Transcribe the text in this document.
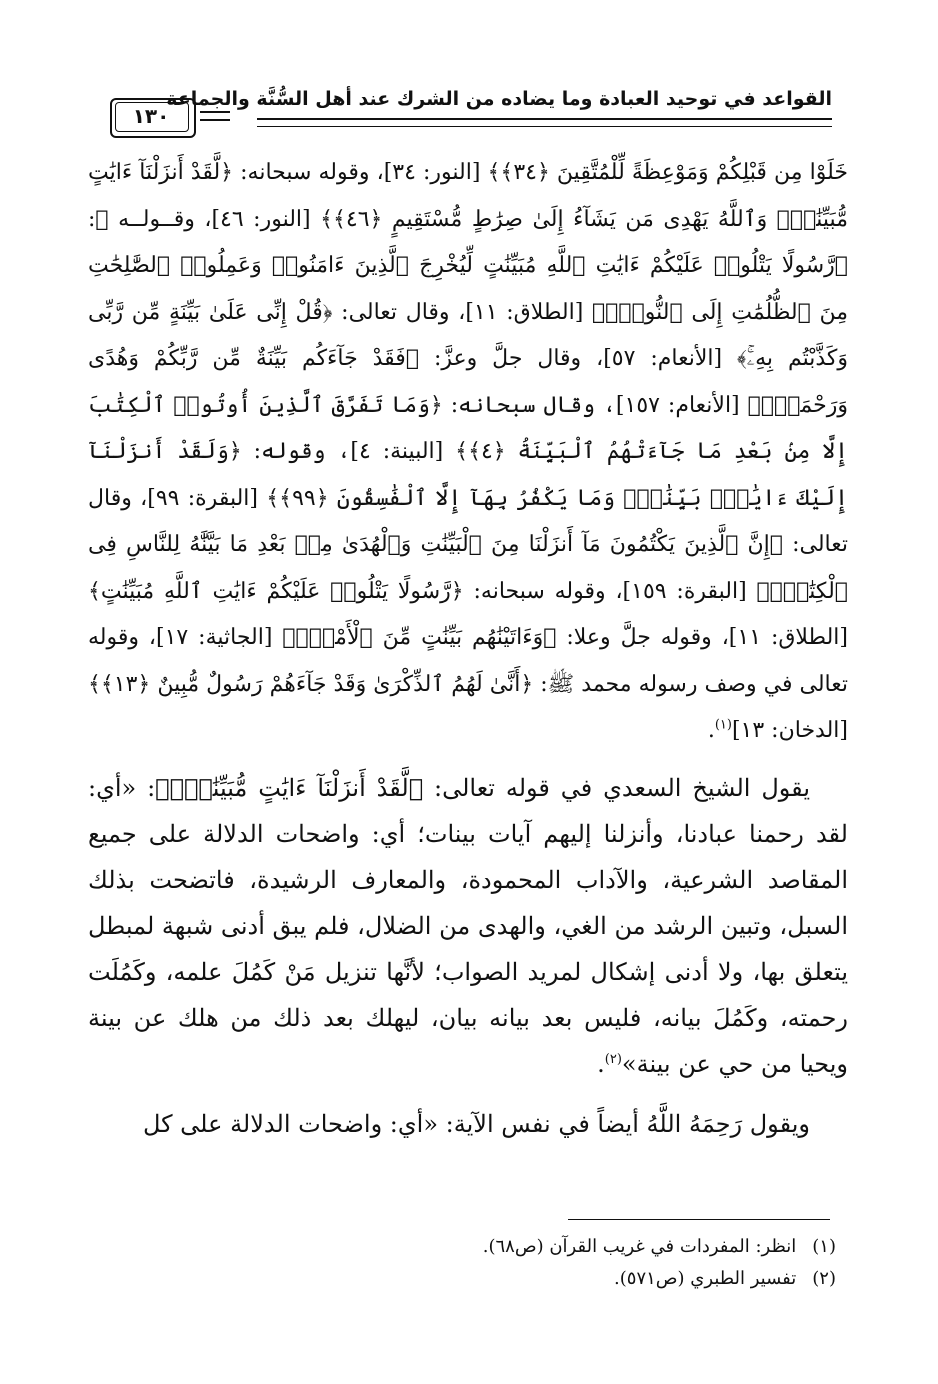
القواعد في توحيد العبادة وما يضاده من الشرك عند أهل السُّنَّة والجماعة
١٣٠

خَلَوْا مِن قَبْلِكُمْ وَمَوْعِظَةً لِّلْمُتَّقِينَ ﴿٣٤﴾﴾ [النور: ٣٤]، وقوله سبحانه: ﴿لَّقَدْ أَنزَلْنَآ ءَايَٰتٍ مُّبَيِّنَٰتٍۚ وَٱللَّهُ يَهْدِى مَن يَشَآءُ إِلَىٰ صِرَٰطٍ مُّسْتَقِيمٍ ﴿٤٦﴾﴾ [النور: ٤٦]، وقــولــه ﷻ: ﴿رَّسُولًا يَتْلُوا۟ عَلَيْكُمْ ءَايَٰتِ ٱللَّهِ مُبَيِّنَٰتٍ لِّيُخْرِجَ ٱلَّذِينَ ءَامَنُوا۟ وَعَمِلُوا۟ ٱلصَّٰلِحَٰتِ مِنَ ٱلظُّلُمَٰتِ إِلَى ٱلنُّورِۚ﴾ [الطلاق: ١١]، وقال تعالى: ﴿قُلْ إِنِّى عَلَىٰ بَيِّنَةٍ مِّن رَّبِّى وَكَذَّبْتُم بِهِۦۚ﴾ [الأنعام: ٥٧]، وقال جلَّ وعزَّ: ﴿فَقَدْ جَآءَكُم بَيِّنَةٌ مِّن رَّبِّكُمْ وَهُدًى وَرَحْمَةٌۚ﴾ [الأنعام: ١٥٧]، وقال سبحانه: ﴿وَمَا تَفَرَّقَ ٱلَّذِينَ أُوتُوا۟ ٱلْكِتَٰبَ إِلَّا مِنۢ بَعْدِ مَا جَآءَتْهُمُ ٱلْبَيِّنَةُ ﴿٤﴾﴾ [البينة: ٤]، وقوله: ﴿وَلَقَدْ أَنزَلْنَآ إِلَيْكَ ءَايَٰتٍۭ بَيِّنَٰتٍۖ وَمَا يَكْفُرُ بِهَآ إِلَّا ٱلْفَٰسِقُونَ ﴿٩٩﴾﴾ [البقرة: ٩٩]، وقال تعالى: ﴿إِنَّ ٱلَّذِينَ يَكْتُمُونَ مَآ أَنزَلْنَا مِنَ ٱلْبَيِّنَٰتِ وَٱلْهُدَىٰ مِنۢ بَعْدِ مَا بَيَّنَّٰهُ لِلنَّاسِ فِى ٱلْكِتَٰبِۙ﴾ [البقرة: ١٥٩]، وقوله سبحانه: ﴿رَّسُولًا يَتْلُوا۟ عَلَيْكُمْ ءَايَٰتِ ٱللَّهِ مُبَيِّنَٰتٍ﴾ [الطلاق: ١١]، وقوله جلَّ وعلا: ﴿وَءَاتَيْنَٰهُم بَيِّنَٰتٍ مِّنَ ٱلْأَمْرِۖ﴾ [الجاثية: ١٧]، وقوله تعالى في وصف رسوله محمد ﷺ: ﴿أَنَّىٰ لَهُمُ ٱلذِّكْرَىٰ وَقَدْ جَآءَهُمْ رَسُولٌ مُّبِينٌ ﴿١٣﴾﴾ [الدخان: ١٣]$^{(١)}$.

يقول الشيخ السعدي في قوله تعالى: ﴿لَّقَدْ أَنزَلْنَآ ءَايَٰتٍ مُّبَيِّنَٰتٍۚ﴾: «أي: لقد رحمنا عبادنا، وأنزلنا إليهم آيات بينات؛ أي: واضحات الدلالة على جميع المقاصد الشرعية، والآداب المحمودة، والمعارف الرشيدة، فاتضحت بذلك السبل، وتبين الرشد من الغي، والهدى من الضلال، فلم يبق أدنى شبهة لمبطل يتعلق بها، ولا أدنى إشكال لمريد الصواب؛ لأنَّها تنزيل مَنْ كَمُلَ علمه، وكَمُلَت رحمته، وكَمُلَ بيانه، فليس بعد بيانه بيان، ليهلك بعد ذلك من هلك عن بينة ويحيا من حي عن بينة»$^{(٢)}$.

ويقول رَحِمَهُ اللَّهُ أيضاً في نفس الآية: «أي: واضحات الدلالة على كل

(١) انظر: المفردات في غريب القرآن (ص٦٨).
(٢) تفسير الطبري (ص٥٧١).
